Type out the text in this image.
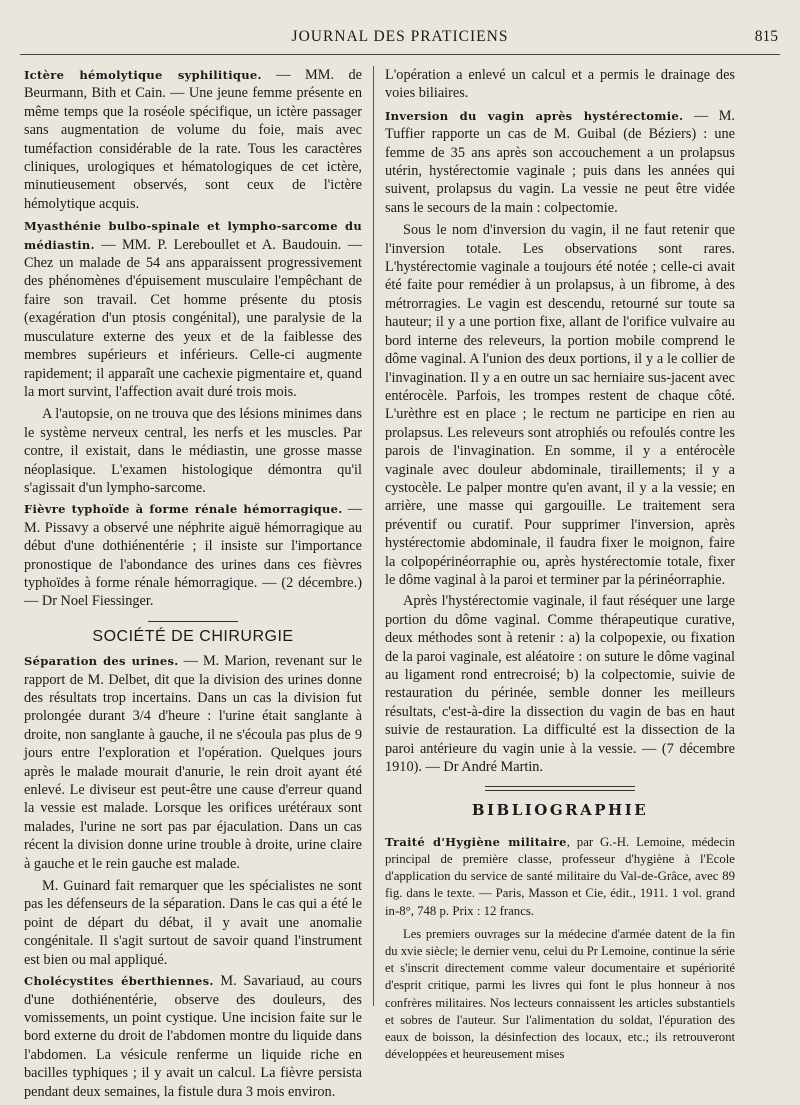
JOURNAL DES PRATICIENS	815

Ictère hémolytique syphilitique. — MM. de Beurmann, Bith et Cain. — Une jeune femme présente en même temps que la roséole spécifique, un ictère passager sans augmentation de volume du foie, mais avec tuméfaction considérable de la rate. Tous les caractères cliniques, urologiques et hématologiques de cet ictère, minutieusement observés, sont ceux de l'ictère hémolytique acquis.

Myasthénie bulbo-spinale et lympho-sarcome du médiastin. — MM. P. Lereboullet et A. Baudouin. — Chez un malade de 54 ans apparaissent progressivement des phénomènes d'épuisement musculaire l'empêchant de faire son travail. Cet homme présente du ptosis (exagération d'un ptosis congénital), une paralysie de la musculature externe des yeux et de la faiblesse des membres supérieurs et inférieurs. Celle-ci augmente rapidement; il apparaît une cachexie pigmentaire et, quand la mort survint, l'affection avait duré trois mois.

A l'autopsie, on ne trouva que des lésions minimes dans le système nerveux central, les nerfs et les muscles. Par contre, il existait, dans le médiastin, une grosse masse néoplasique. L'examen histologique démontra qu'il s'agissait d'un lympho-sarcome.

Fièvre typhoïde à forme rénale hémorragique. — M. Pissavy a observé une néphrite aiguë hémorragique au début d'une dothiénentérie ; il insiste sur l'importance pronostique de l'abondance des urines dans ces fièvres typhoïdes à forme rénale hémorragique. — (2 décembre.) — Dr Noel Fiessinger.

SOCIÉTÉ DE CHIRURGIE

Séparation des urines. — M. Marion, revenant sur le rapport de M. Delbet, dit que la division des urines donne des résultats trop incertains. Dans un cas la division fut prolongée durant 3/4 d'heure : l'urine était sanglante à droite, non sanglante à gauche, il ne s'écoula pas plus de 9 jours entre l'exploration et l'opération. Quelques jours après le malade mourait d'anurie, le rein droit ayant été enlevé. Le diviseur est peut-être une cause d'erreur quand la vessie est malade. Lorsque les orifices urétéraux sont malades, l'urine ne sort pas par éjaculation. Dans un cas récent la division donne urine trouble à droite, urine claire à gauche et le rein gauche est malade.

M. Guinard fait remarquer que les spécialistes ne sont pas les défenseurs de la séparation. Dans le cas qui a été le point de départ du débat, il y avait une anomalie congénitale. Il s'agit surtout de savoir quand l'instrument est bien ou mal appliqué.

Cholécystites éberthiennes. M. Savariaud, au cours d'une dothiénentérie, observe des douleurs, des vomissements, un point cystique. Une incision faite sur le bord externe du droit de l'abdomen montre du liquide dans l'abdomen. La vésicule renferme un liquide riche en bacilles typhiques ; il y avait un calcul. La fièvre persista pendant deux semaines, la fistule dura 3 mois environ.

L'opération a enlevé un calcul et a permis le drainage des voies biliaires.

Inversion du vagin après hystérectomie. — M. Tuffier rapporte un cas de M. Guibal (de Béziers) : une femme de 35 ans après son accouchement a un prolapsus utérin, hystérectomie vaginale ; puis dans les années qui suivent, prolapsus du vagin. La vessie ne peut être vidée sans le secours de la main : colpectomie.

Sous le nom d'inversion du vagin, il ne faut retenir que l'inversion totale. Les observations sont rares. L'hystérectomie vaginale a toujours été notée ; celle-ci avait été faite pour remédier à un prolapsus, à un fibrome, à des métrorragies. Le vagin est descendu, retourné sur toute sa hauteur; il y a une portion fixe, allant de l'orifice vulvaire au bord interne des releveurs, la portion mobile comprend le dôme vaginal. A l'union des deux portions, il y a le collier de l'invagination. Il y a en outre un sac herniaire sus-jacent avec entérocèle. Parfois, les trompes restent de chaque côté. L'urèthre est en place ; le rectum ne participe en rien au prolapsus. Les releveurs sont atrophiés ou refoulés contre les parois de l'invagination. En somme, il y a entérocèle vaginale avec douleur abdominale, tiraillements; il y a cystocèle. Le palper montre qu'en avant, il y a la vessie; en arrière, une masse qui gargouille. Le traitement sera préventif ou curatif. Pour supprimer l'inversion, après hystérectomie abdominale, il faudra fixer le moignon, faire la colpopérinéorraphie ou, après hystérectomie totale, fixer le dôme vaginal à la paroi et terminer par la périnéorraphie.

Après l'hystérectomie vaginale, il faut réséquer une large portion du dôme vaginal. Comme thérapeutique curative, deux méthodes sont à retenir : a) la colpopexie, ou fixation de la paroi vaginale, est aléatoire : on suture le dôme vaginal au ligament rond entrecroisé; b) la colpectomie, suivie de restauration du périnée, semble donner les meilleurs résultats, c'est-à-dire la dissection du vagin de bas en haut suivie de restauration. La difficulté est la dissection de la paroi antérieure du vagin unie à la vessie. — (7 décembre 1910). — Dr André Martin.

BIBLIOGRAPHIE

Traité d'Hygiène militaire, par G.-H. Lemoine, médecin principal de première classe, professeur d'hygiène à l'Ecole d'application du service de santé militaire du Val-de-Grâce, avec 89 fig. dans le texte. — Paris, Masson et Cie, édit., 1911. 1 vol. grand in-8°, 748 p. Prix : 12 francs.

Les premiers ouvrages sur la médecine d'armée datent de la fin du xvie siècle; le dernier venu, celui du Pr Lemoine, continue la série et s'inscrit directement comme valeur documentaire et supériorité d'esprit critique, parmi les livres qui font le plus honneur à nos confrères militaires. Nos lecteurs connaissent les articles substantiels et sobres de l'auteur. Sur l'alimentation du soldat, l'épuration des eaux de boisson, la désinfection des locaux, etc.; ils retrouveront développées et heureusement mises
